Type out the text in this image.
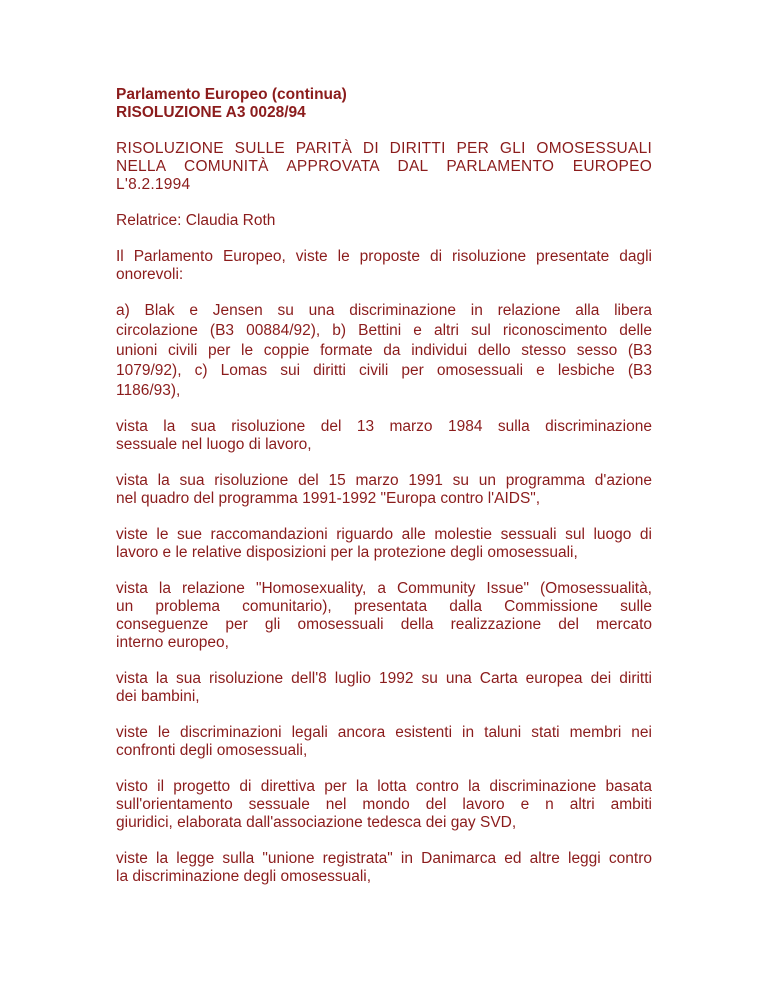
Parlamento Europeo (continua)
RISOLUZIONE A3 0028/94

RISOLUZIONE SULLE PARITÀ DI DIRITTI PER GLI OMOSESSUALI
NELLA COMUNITÀ APPROVATA DAL PARLAMENTO EUROPEO
L'8.2.1994

Relatrice: Claudia Roth

Il Parlamento Europeo, viste le proposte di risoluzione presentate dagli
onorevoli:

a) Blak e Jensen su una discriminazione in relazione alla libera
circolazione (B3 00884/92), b) Bettini e altri sul riconoscimento delle
unioni civili per le coppie formate da individui dello stesso sesso (B3
1079/92), c) Lomas sui diritti civili per omosessuali e lesbiche (B3
1186/93),

vista la sua risoluzione del 13 marzo 1984 sulla discriminazione
sessuale nel luogo di lavoro,

vista la sua risoluzione del 15 marzo 1991 su un programma d'azione
nel quadro del programma 1991-1992 "Europa contro l'AIDS",

viste le sue raccomandazioni riguardo alle molestie sessuali sul luogo di
lavoro e le relative disposizioni per la protezione degli omosessuali,

vista la relazione "Homosexuality, a Community Issue" (Omosessualità,
un problema comunitario), presentata dalla Commissione sulle
conseguenze per gli omosessuali della realizzazione del mercato
interno europeo,

vista la sua risoluzione dell'8 luglio 1992 su una Carta europea dei diritti
dei bambini,

viste le discriminazioni legali ancora esistenti in taluni stati membri nei
confronti degli omosessuali,

visto il progetto di direttiva per la lotta contro la discriminazione basata
sull'orientamento sessuale nel mondo del lavoro e n altri ambiti
giuridici, elaborata dall'associazione tedesca dei gay SVD,

viste la legge sulla "unione registrata" in Danimarca ed altre leggi contro
la discriminazione degli omosessuali,
